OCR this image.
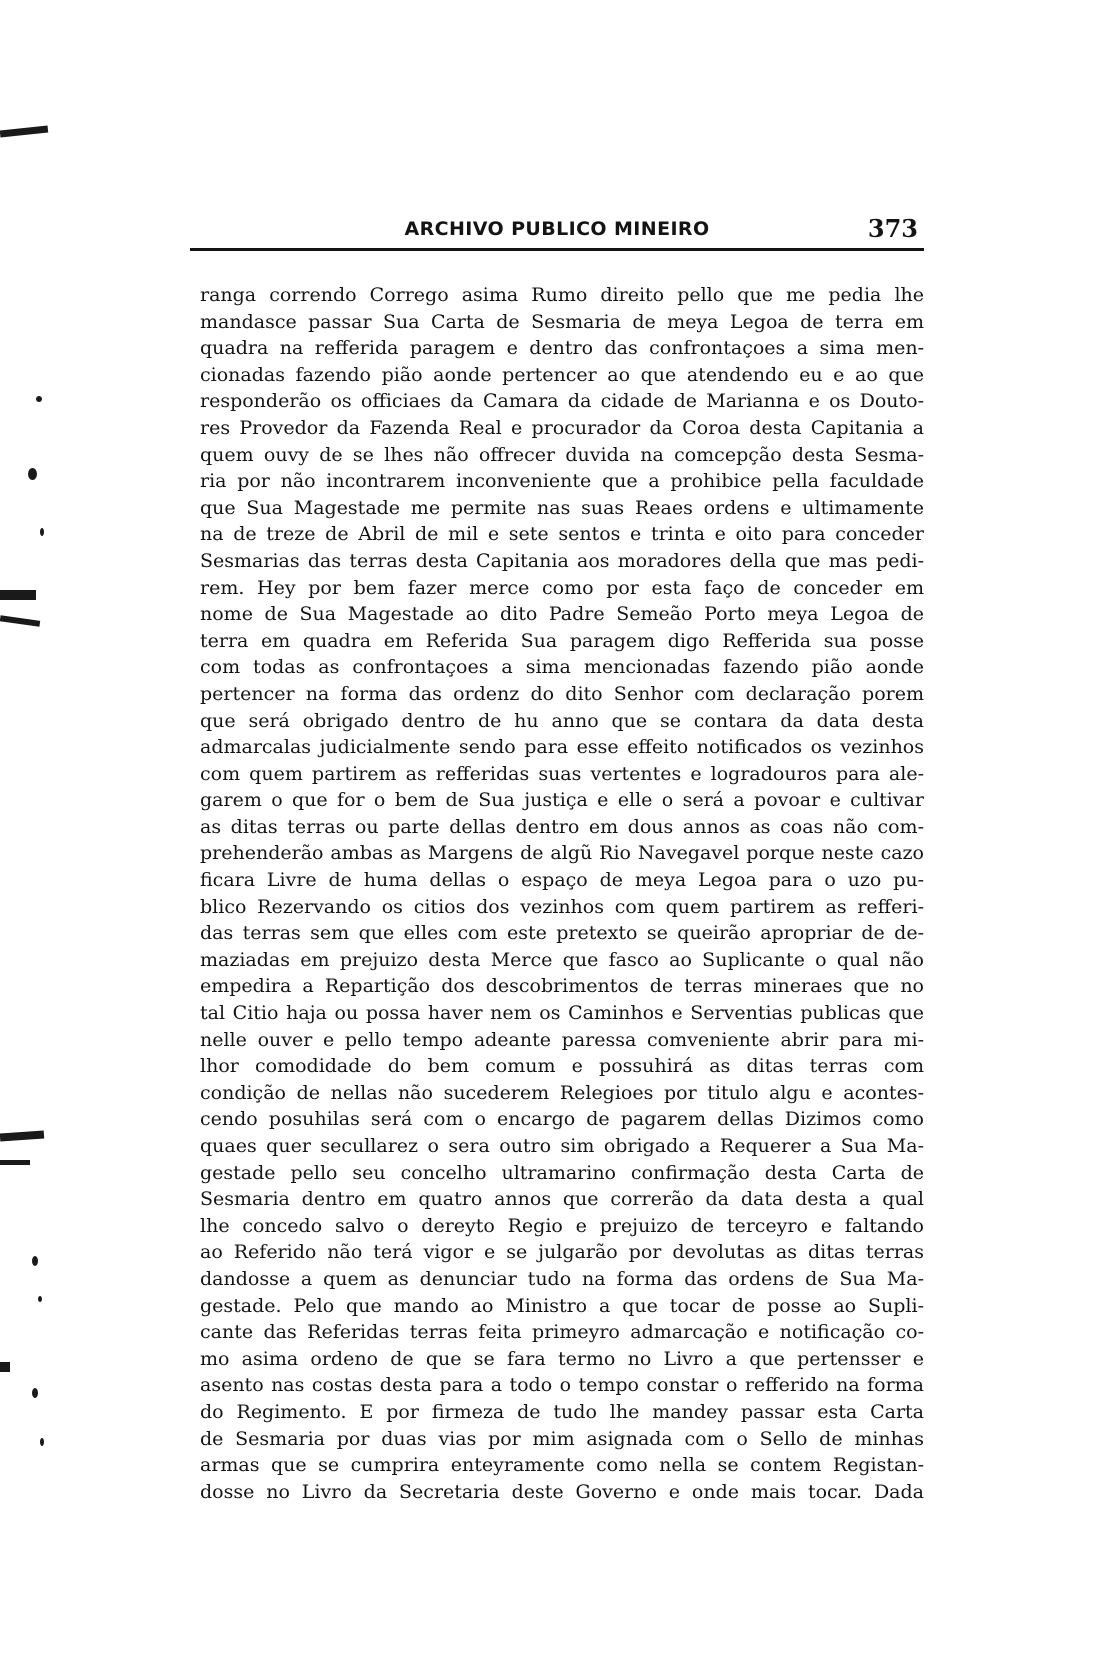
ARCHIVO PUBLICO MINEIRO	373
ranga correndo Corrego asima Rumo direito pello que me pedia lhe
mandasce passar Sua Carta de Sesmaria de meya Legoa de terra em
quadra na refferida paragem e dentro das confrontaçoes a sima men-
cionadas fazendo pião aonde pertencer ao que atendendo eu e ao que
responderão os officiaes da Camara da cidade de Marianna e os Douto-
res Provedor da Fazenda Real e procurador da Coroa desta Capitania a
quem ouvy de se lhes não offrecer duvida na comcepção desta Sesma-
ria por não incontrarem inconveniente que a prohibice pella faculdade
que Sua Magestade me permite nas suas Reaes ordens e ultimamente
na de treze de Abril de mil e sete sentos e trinta e oito para conceder
Sesmarias das terras desta Capitania aos moradores della que mas pedi-
rem. Hey por bem fazer merce como por esta faço de conceder em
nome de Sua Magestade ao dito Padre Semeão Porto meya Legoa de
terra em quadra em Referida Sua paragem digo Refferida sua posse
com todas as confrontaçoes a sima mencionadas fazendo pião aonde
pertencer na forma das ordenz do dito Senhor com declaração porem
que será obrigado dentro de hu anno que se contara da data desta
admarcalas judicialmente sendo para esse effeito notificados os vezinhos
com quem partirem as refferidas suas vertentes e logradouros para ale-
garem o que for o bem de Sua justiça e elle o será a povoar e cultivar
as ditas terras ou parte dellas dentro em dous annos as coas não com-
prehenderão ambas as Margens de algũ Rio Navegavel porque neste cazo
ficara Livre de huma dellas o espaço de meya Legoa para o uzo pu-
blico Rezervando os citios dos vezinhos com quem partirem as refferi-
das terras sem que elles com este pretexto se queirão apropriar de de-
maziadas em prejuizo desta Merce que fasco ao Suplicante o qual não
empedira a Repartição dos descobrimentos de terras mineraes que no
tal Citio haja ou possa haver nem os Caminhos e Serventias publicas que
nelle ouver e pello tempo adeante paressa comveniente abrir para mi-
lhor comodidade do bem comum e possuhirá as ditas terras com
condição de nellas não sucederem Relegioes por titulo algu e acontes-
cendo posuhilas será com o encargo de pagarem dellas Dizimos como
quaes quer secullarez o sera outro sim obrigado a Requerer a Sua Ma-
gestade pello seu concelho ultramarino confirmação desta Carta de
Sesmaria dentro em quatro annos que correrão da data desta a qual
lhe concedo salvo o dereyto Regio e prejuizo de terceyro e faltando
ao Referido não terá vigor e se julgarão por devolutas as ditas terras
dandosse a quem as denunciar tudo na forma das ordens de Sua Ma-
gestade. Pelo que mando ao Ministro a que tocar de posse ao Supli-
cante das Referidas terras feita primeyro admarcação e notificação co-
mo asima ordeno de que se fara termo no Livro a que pertensser e
asento nas costas desta para a todo o tempo constar o refferido na forma
do Regimento. E por firmeza de tudo lhe mandey passar esta Carta
de Sesmaria por duas vias por mim asignada com o Sello de minhas
armas que se cumprira enteyramente como nella se contem Registan-
dosse no Livro da Secretaria deste Governo e onde mais tocar. Dada
